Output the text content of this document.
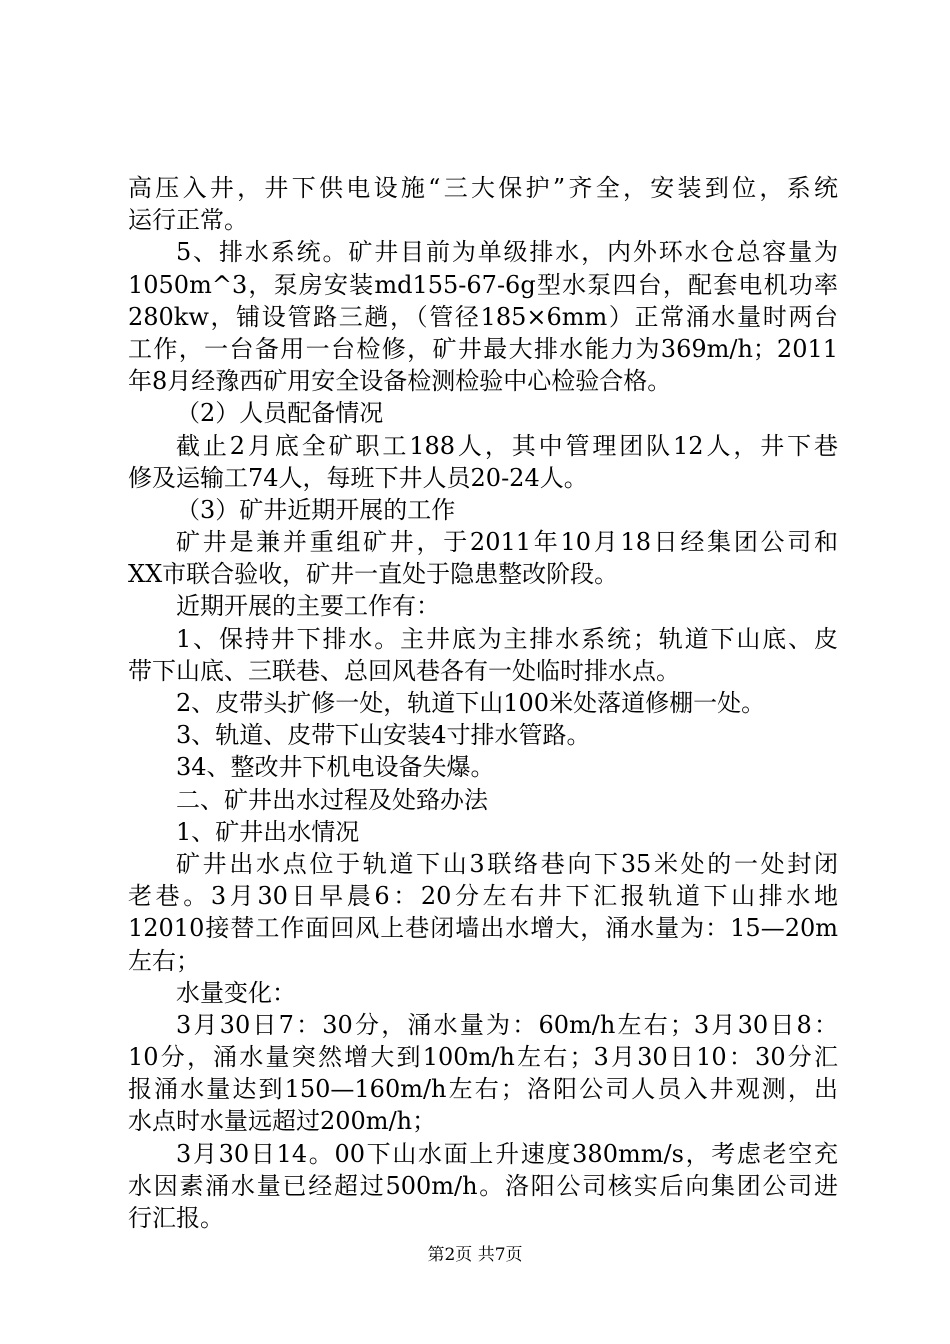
高压入井，井下供电设施“三大保护”齐全，安装到位，系统
运行正常。
5、排水系统。矿井目前为单级排水，内外环水仓总容量为
1050m^3，泵房安装md155-67-6g型水泵四台，配套电机功率
280kw，铺设管路三趟，（管径185×6mm）正常涌水量时两台
工作，一台备用一台检修，矿井最大排水能力为369m/h；2011
年8月经豫西矿用安全设备检测检验中心检验合格。
（2）人员配备情况
截止2月底全矿职工188人，其中管理团队12人，井下巷
修及运输工74人，每班下井人员20-24人。
（3）矿井近期开展的工作
矿井是兼并重组矿井，于2011年10月18日经集团公司和
XX市联合验收，矿井一直处于隐患整改阶段。
近期开展的主要工作有：
1、保持井下排水。主井底为主排水系统；轨道下山底、皮
带下山底、三联巷、总回风巷各有一处临时排水点。
2、皮带头扩修一处，轨道下山100米处落道修棚一处。
3、轨道、皮带下山安装4寸排水管路。
34、整改井下机电设备失爆。
二、矿井出水过程及处臵办法
1、矿井出水情况
矿井出水点位于轨道下山3联络巷向下35米处的一处封闭
老巷。3月30日早晨6：20分左右井下汇报轨道下山排水地
12010接替工作面回风上巷闭墙出水增大，涌水量为：15—20m
左右；
水量变化：
3月30日7：30分，涌水量为：60m/h左右；3月30日8：
10分，涌水量突然增大到100m/h左右；3月30日10：30分汇
报涌水量达到150—160m/h左右；洛阳公司人员入井观测，出
水点时水量远超过200m/h；
3月30日14。00下山水面上升速度380mm/s，考虑老空充
水因素涌水量已经超过500m/h。洛阳公司核实后向集团公司进
行汇报。
第2页 共7页
